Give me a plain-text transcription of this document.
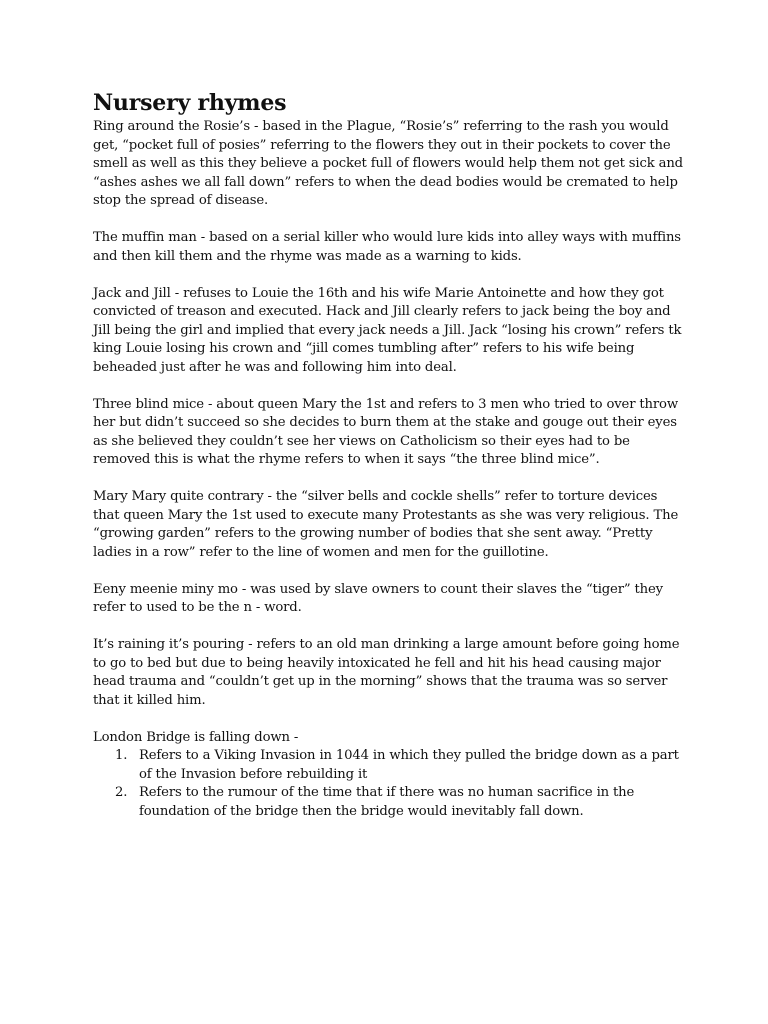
Nursery rhymes

Ring around the Rosie’s - based in the Plague, “Rosie’s” referring to the rash you would get, “pocket full of posies” referring to the flowers they out in their pockets to cover the smell as well as this they believe a pocket full of flowers would help them not get sick and “ashes ashes we all fall down” refers to when the dead bodies would be cremated to help stop the spread of disease.

The muffin man - based on a serial killer who would lure kids into alley ways with muffins and then kill them and the rhyme was made as a warning to kids.

Jack and Jill - refuses to Louie the 16th and his wife Marie Antoinette and how they got convicted of treason and executed. Hack and Jill clearly refers to jack being the boy and Jill being the girl and implied that every jack needs a Jill. Jack “losing his crown” refers tk king Louie losing his crown and “jill comes tumbling after” refers to his wife being beheaded just after he was and following him into deal.

Three blind mice - about queen Mary the 1st and refers to 3 men who tried to over throw her but didn’t succeed so she decides to burn them at the stake and gouge out their eyes as she believed they couldn’t see her views on Catholicism so their eyes had to be removed this is what the rhyme refers to when it says “the three blind mice”.

Mary Mary quite contrary - the “silver bells and cockle shells” refer to torture devices that queen Mary the 1st used to execute many Protestants as she was very religious. The “growing garden” refers to the growing number of bodies that she sent away. “Pretty ladies in a row” refer to the line of women and men for the guillotine.

Eeny meenie miny mo - was used by slave owners to count their slaves the “tiger” they refer to used to be the n - word.

It’s raining it’s pouring - refers to an old man drinking a large amount before going home to go to bed but due to being heavily intoxicated he fell and hit his head causing major head trauma and “couldn’t get up in the morning” shows that the trauma was so server that it killed him.

London Bridge is falling down -

1. Refers to a Viking Invasion in 1044 in which they pulled the bridge down as a part of the Invasion before rebuilding it
2. Refers to the rumour of the time that if there was no human sacrifice in the foundation of the bridge then the bridge would inevitably fall down.
